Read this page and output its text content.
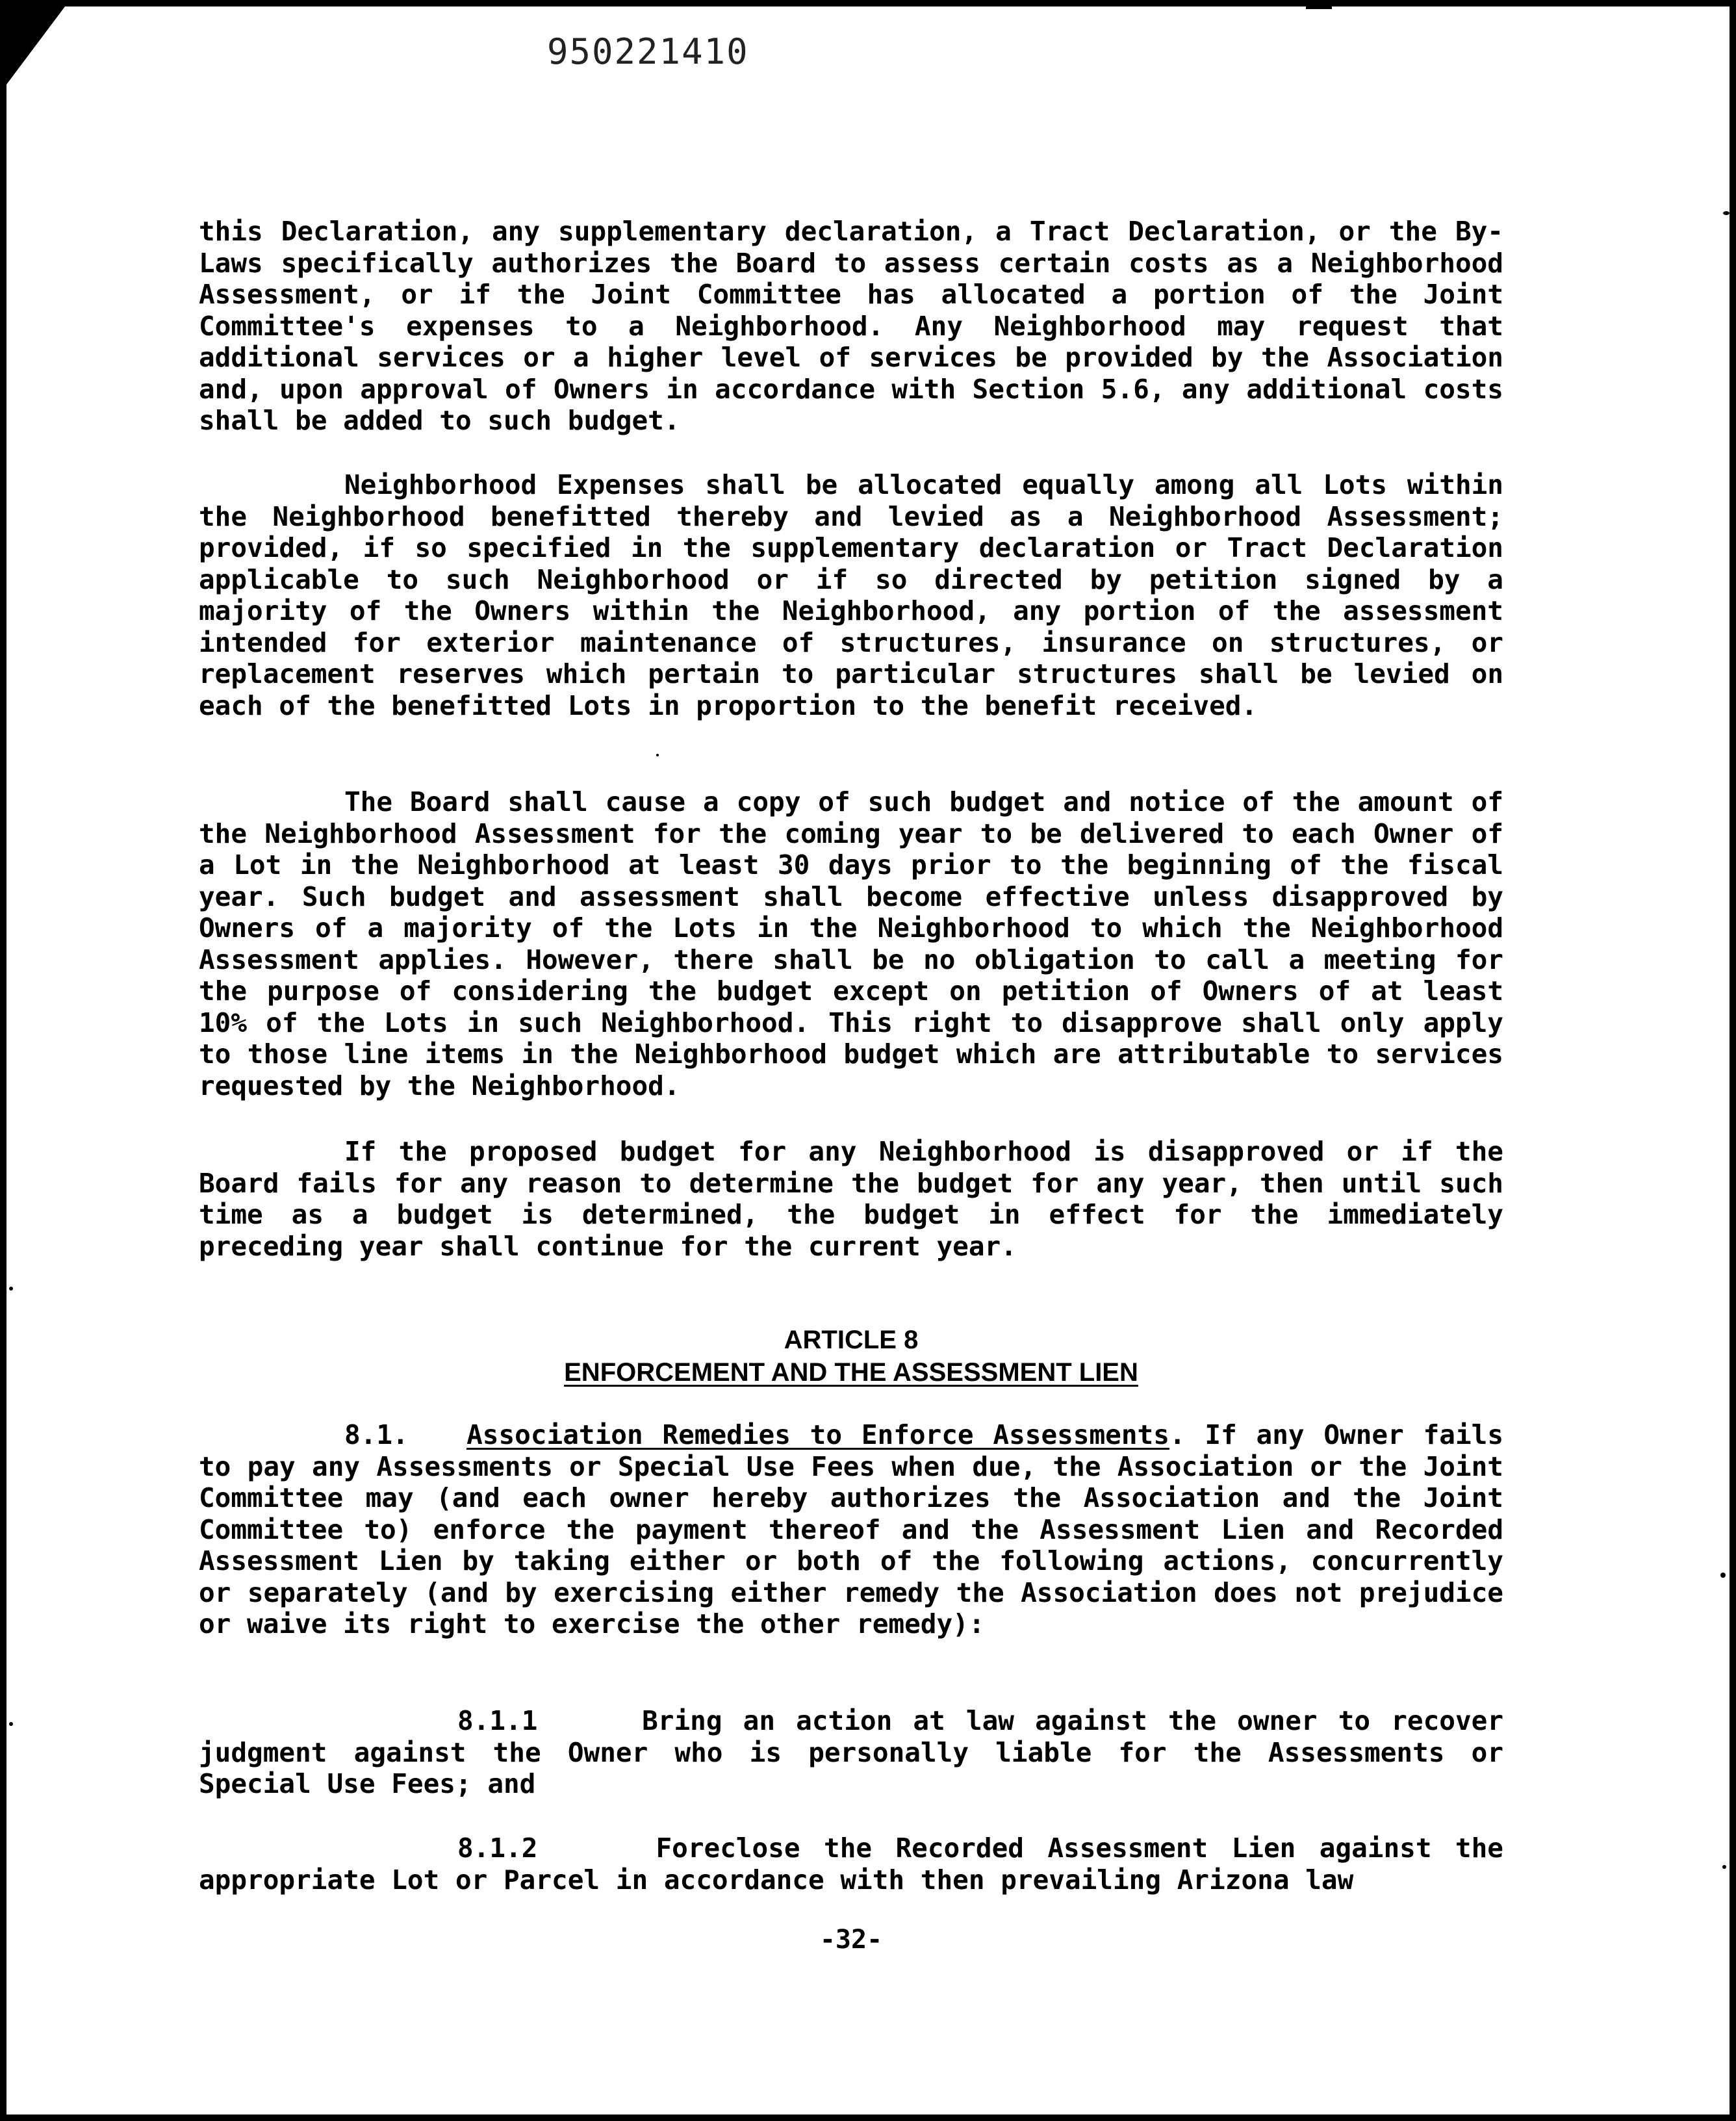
950221410

this Declaration, any supplementary declaration, a Tract Declaration, or the By-Laws specifically authorizes the Board to assess certain costs as a Neighborhood Assessment, or if the Joint Committee has allocated a portion of the Joint Committee's expenses to a Neighborhood. Any Neighborhood may request that additional services or a higher level of services be provided by the Association and, upon approval of Owners in accordance with Section 5.6, any additional costs shall be added to such budget.

Neighborhood Expenses shall be allocated equally among all Lots within the Neighborhood benefitted thereby and levied as a Neighborhood Assessment; provided, if so specified in the supplementary declaration or Tract Declaration applicable to such Neighborhood or if so directed by petition signed by a majority of the Owners within the Neighborhood, any portion of the assessment intended for exterior maintenance of structures, insurance on structures, or replacement reserves which pertain to particular structures shall be levied on each of the benefitted Lots in proportion to the benefit received.

The Board shall cause a copy of such budget and notice of the amount of the Neighborhood Assessment for the coming year to be delivered to each Owner of a Lot in the Neighborhood at least 30 days prior to the beginning of the fiscal year. Such budget and assessment shall become effective unless disapproved by Owners of a majority of the Lots in the Neighborhood to which the Neighborhood Assessment applies. However, there shall be no obligation to call a meeting for the purpose of considering the budget except on petition of Owners of at least 10% of the Lots in such Neighborhood. This right to disapprove shall only apply to those line items in the Neighborhood budget which are attributable to services requested by the Neighborhood.

If the proposed budget for any Neighborhood is disapproved or if the Board fails for any reason to determine the budget for any year, then until such time as a budget is determined, the budget in effect for the immediately preceding year shall continue for the current year.

ARTICLE 8
ENFORCEMENT AND THE ASSESSMENT LIEN

8.1. Association Remedies to Enforce Assessments. If any Owner fails to pay any Assessments or Special Use Fees when due, the Association or the Joint Committee may (and each owner hereby authorizes the Association and the Joint Committee to) enforce the payment thereof and the Assessment Lien and Recorded Assessment Lien by taking either or both of the following actions, concurrently or separately (and by exercising either remedy the Association does not prejudice or waive its right to exercise the other remedy):

8.1.1	Bring an action at law against the owner to recover judgment against the Owner who is personally liable for the Assessments or Special Use Fees; and

8.1.2	Foreclose the Recorded Assessment Lien against the appropriate Lot or Parcel in accordance with then prevailing Arizona law

-32-
